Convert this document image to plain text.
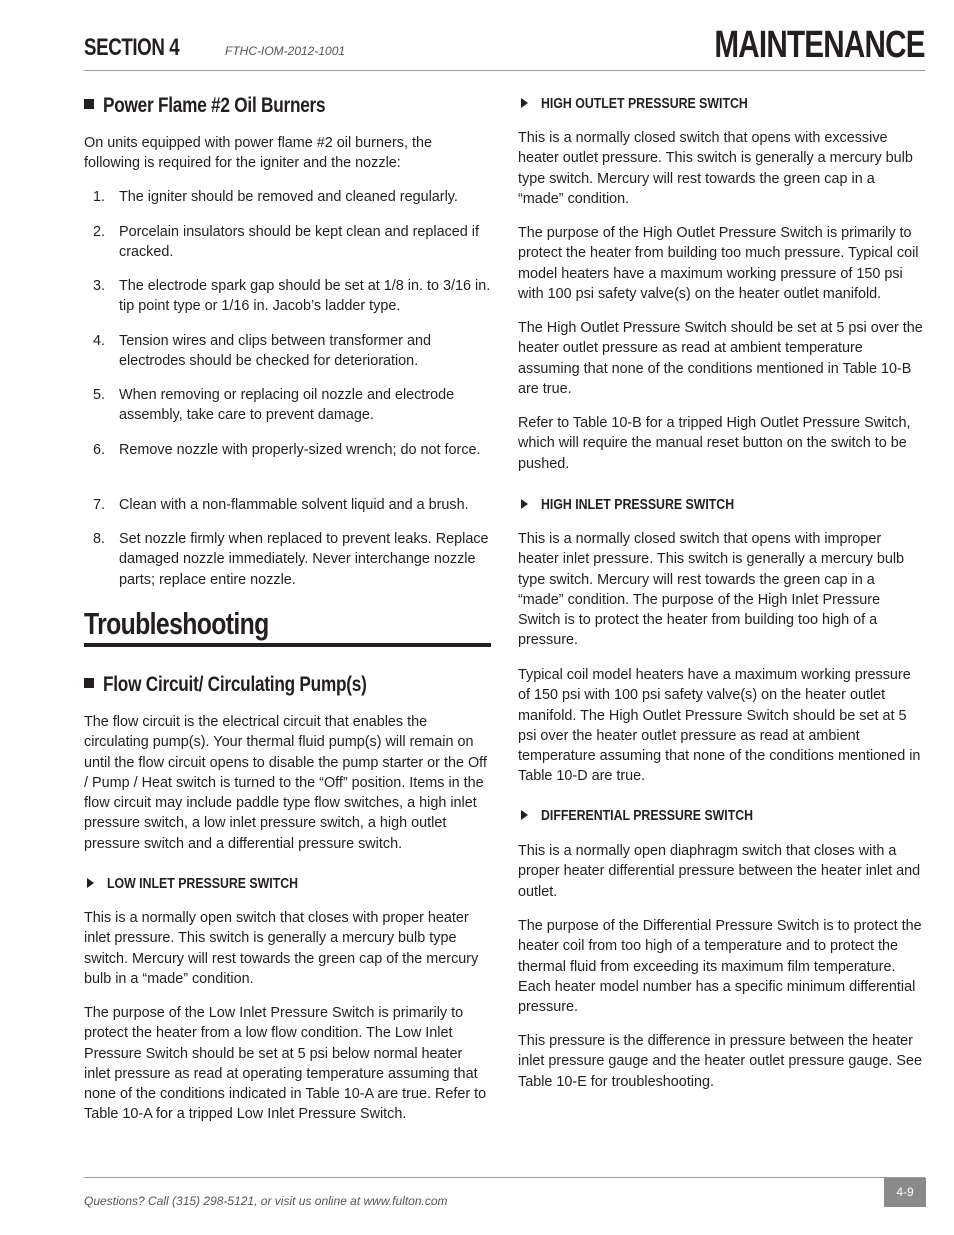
SECTION 4	FTHC-IOM-2012-1001	MAINTENANCE
Power Flame #2 Oil Burners

On units equipped with power flame #2 oil burners, the following is required for the igniter and the nozzle:

1. The igniter should be removed and cleaned regularly.
2. Porcelain insulators should be kept clean and replaced if cracked.
3. The electrode spark gap should be set at 1/8 in. to 3/16 in. tip point type or 1/16 in. Jacob’s ladder type.
4. Tension wires and clips between transformer and electrodes should be checked for deterioration.
5. When removing or replacing oil nozzle and electrode assembly, take care to prevent damage.
6. Remove nozzle with properly-sized wrench; do not force.
7. Clean with a non-flammable solvent liquid and a brush.
8. Set nozzle firmly when replaced to prevent leaks. Replace damaged nozzle immediately. Never interchange nozzle parts; replace entire nozzle.
Troubleshooting
Flow Circuit/ Circulating Pump(s)

The flow circuit is the electrical circuit that enables the circulating pump(s). Your thermal fluid pump(s) will remain on until the flow circuit opens to disable the pump starter or the Off / Pump / Heat switch is turned to the “Off” position. Items in the flow circuit may include paddle type flow switches, a high inlet pressure switch, a low inlet pressure switch, a high outlet pressure switch and a differential pressure switch.

LOW INLET PRESSURE SWITCH

This is a normally open switch that closes with proper heater inlet pressure. This switch is generally a mercury bulb type switch. Mercury will rest towards the green cap of the mercury bulb in a “made” condition.

The purpose of the Low Inlet Pressure Switch is primarily to protect the heater from a low flow condition. The Low Inlet Pressure Switch should be set at 5 psi below normal heater inlet pressure as read at operating temperature assuming that none of the conditions indicated in Table 10-A are true. Refer to Table 10-A for a tripped Low Inlet Pressure Switch.

HIGH OUTLET PRESSURE SWITCH

This is a normally closed switch that opens with excessive heater outlet pressure. This switch is generally a mercury bulb type switch. Mercury will rest towards the green cap in a “made” condition.

The purpose of the High Outlet Pressure Switch is primarily to protect the heater from building too much pressure. Typical coil model heaters have a maximum working pressure of 150 psi with 100 psi safety valve(s) on the heater outlet manifold.

The High Outlet Pressure Switch should be set at 5 psi over the heater outlet pressure as read at ambient temperature assuming that none of the conditions mentioned in Table 10-B are true.

Refer to Table 10-B for a tripped High Outlet Pressure Switch, which will require the manual reset button on the switch to be pushed.

HIGH INLET PRESSURE SWITCH

This is a normally closed switch that opens with improper heater inlet pressure. This switch is generally a mercury bulb type switch. Mercury will rest towards the green cap in a “made” condition. The purpose of the High Inlet Pressure Switch is to protect the heater from building too high of a pressure.

Typical coil model heaters have a maximum working pressure of 150 psi with 100 psi safety valve(s) on the heater outlet manifold. The High Outlet Pressure Switch should be set at 5 psi over the heater outlet pressure as read at ambient temperature assuming that none of the conditions mentioned in Table 10-D are true.

DIFFERENTIAL PRESSURE SWITCH

This is a normally open diaphragm switch that closes with a proper heater differential pressure between the heater inlet and outlet.

The purpose of the Differential Pressure Switch is to protect the heater coil from too high of a temperature and to protect the thermal fluid from exceeding its maximum film temperature. Each heater model number has a specific minimum differential pressure.

This pressure is the difference in pressure between the heater inlet pressure gauge and the heater outlet pressure gauge. See Table 10-E for troubleshooting.

Questions? Call (315) 298-5121, or visit us online at www.fulton.com
4-9
